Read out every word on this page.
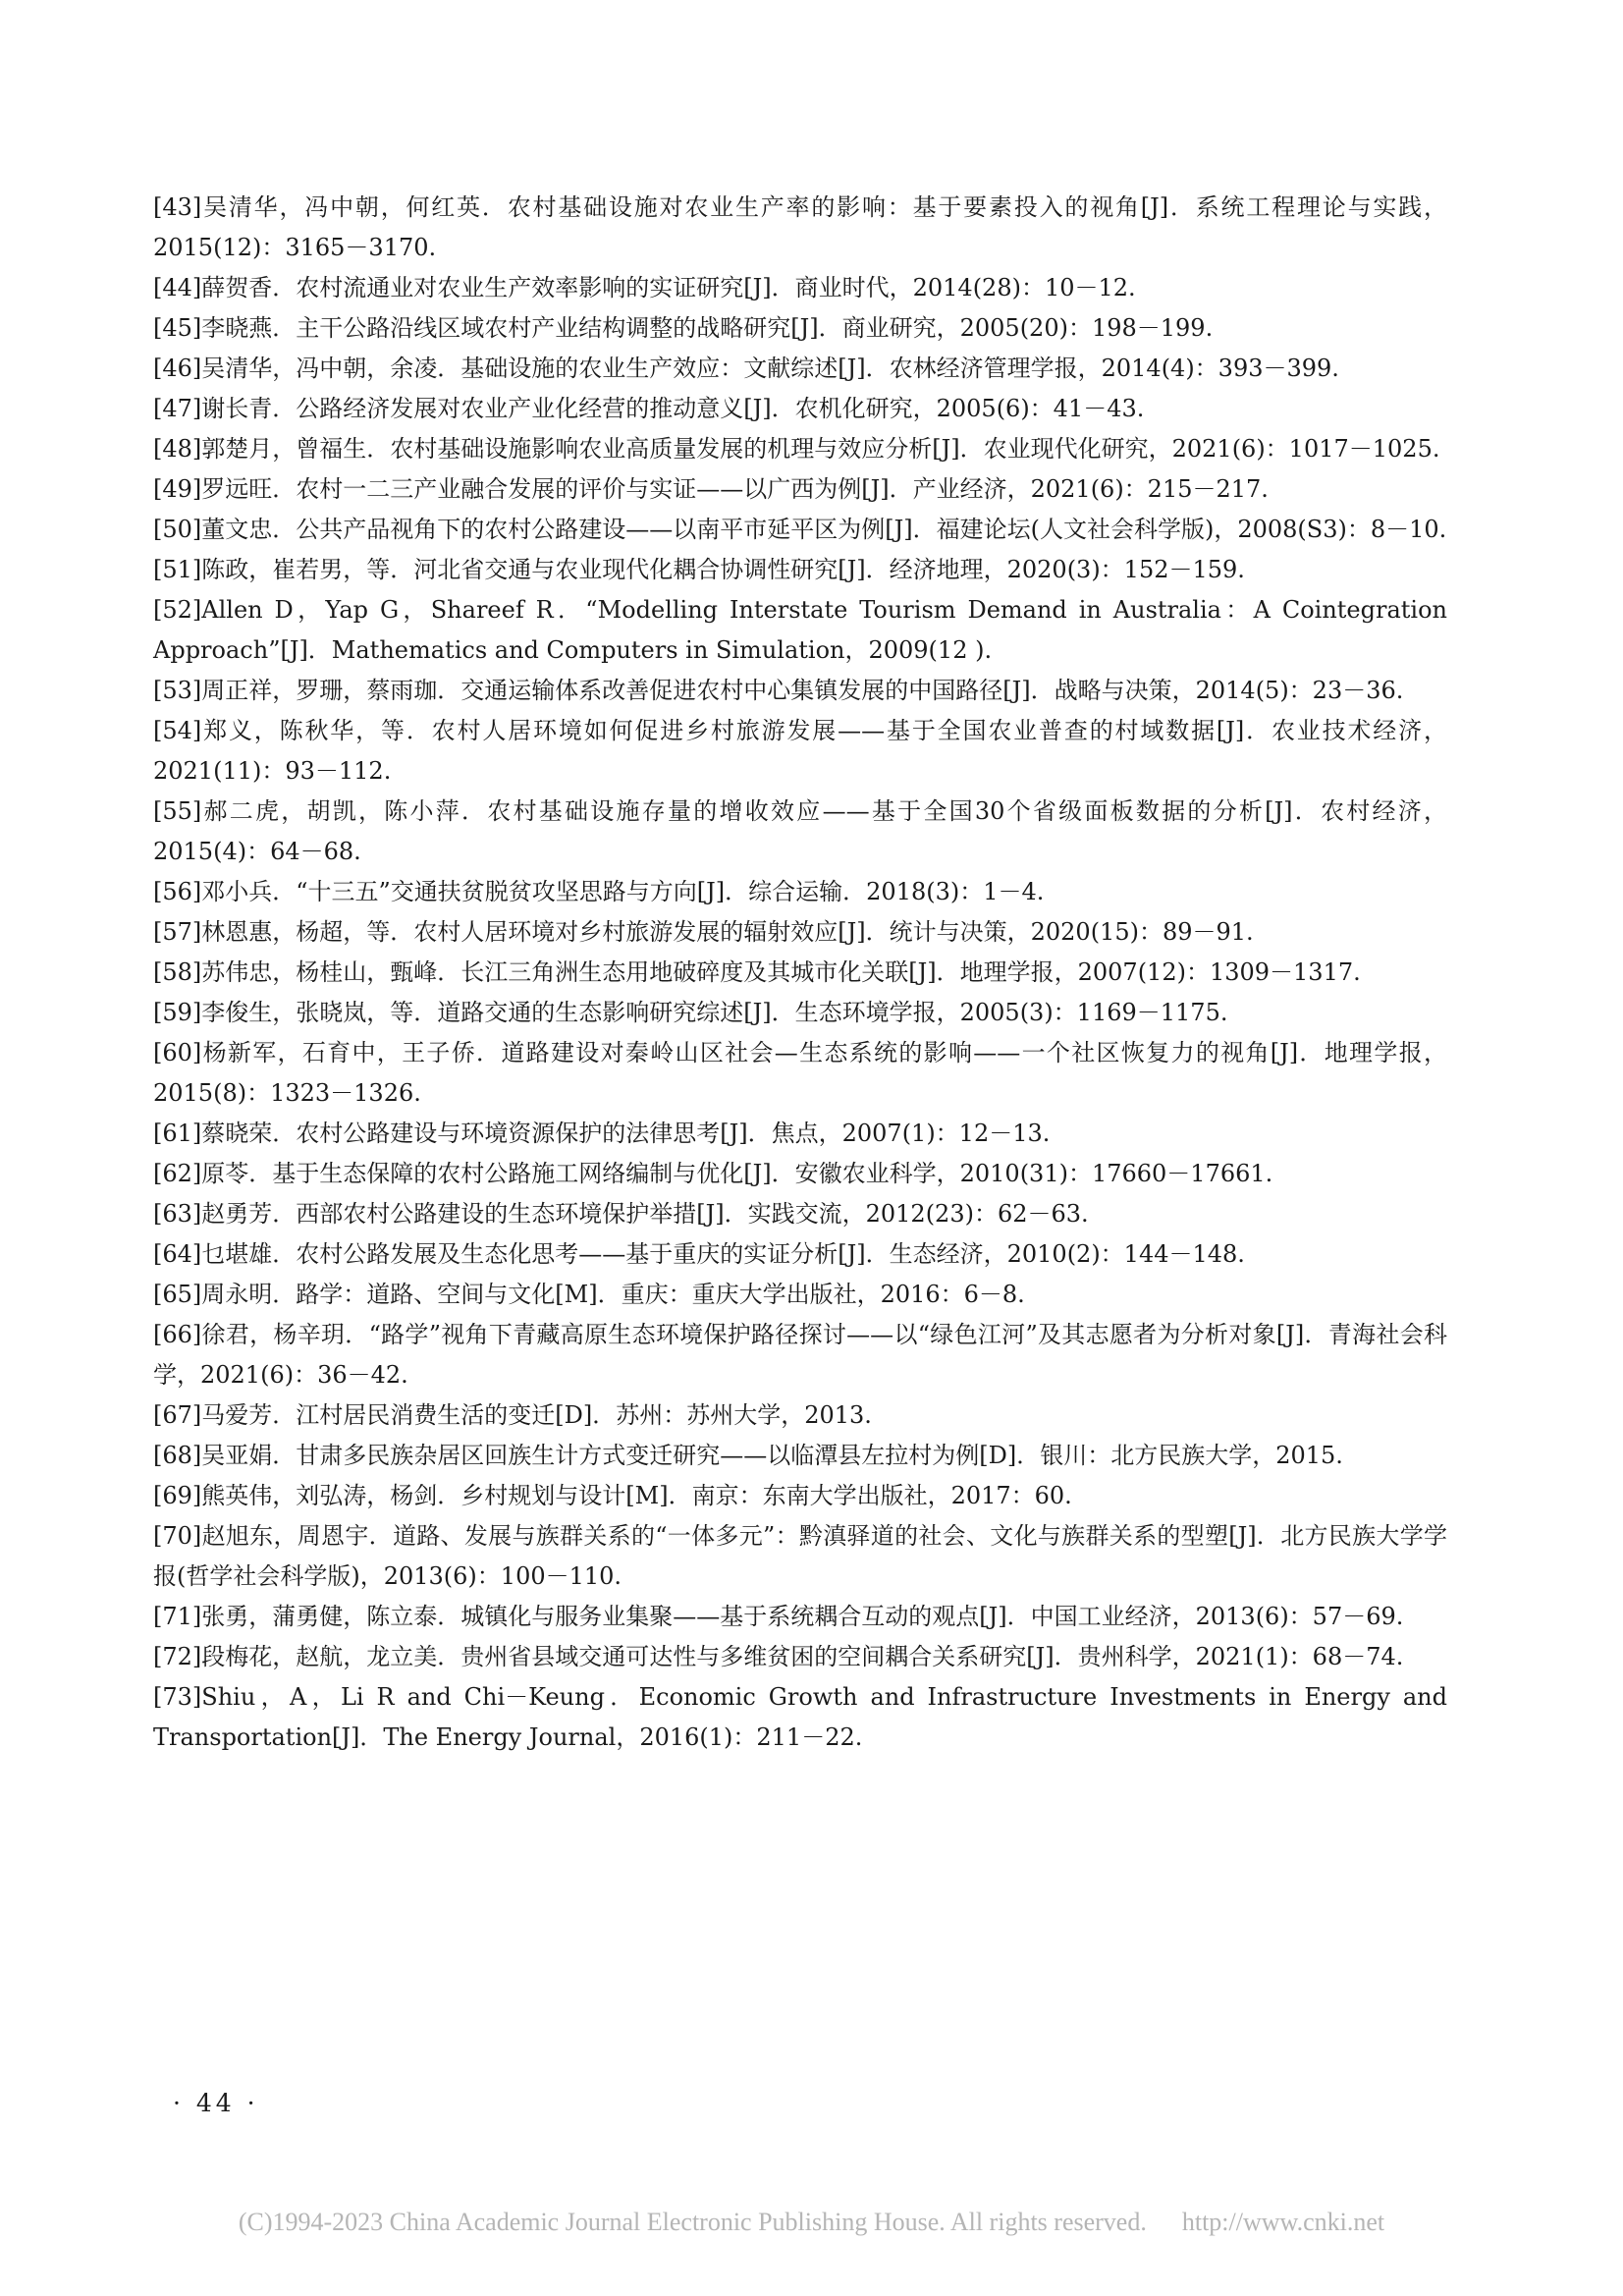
[43]吴清华，冯中朝，何红英．农村基础设施对农业生产率的影响：基于要素投入的视角[J]．系统工程理论与实践，2015(12)：3165－3170.
[44]薛贺香．农村流通业对农业生产效率影响的实证研究[J]．商业时代，2014(28)：10－12.
[45]李晓燕．主干公路沿线区域农村产业结构调整的战略研究[J]．商业研究，2005(20)：198－199.
[46]吴清华，冯中朝，余凌．基础设施的农业生产效应：文献综述[J]．农林经济管理学报，2014(4)：393－399.
[47]谢长青．公路经济发展对农业产业化经营的推动意义[J]．农机化研究，2005(6)：41－43.
[48]郭楚月，曾福生．农村基础设施影响农业高质量发展的机理与效应分析[J]．农业现代化研究，2021(6)：1017－1025.
[49]罗远旺．农村一二三产业融合发展的评价与实证——以广西为例[J]．产业经济，2021(6)：215－217.
[50]董文忠．公共产品视角下的农村公路建设——以南平市延平区为例[J]．福建论坛(人文社会科学版)，2008(S3)：8－10.
[51]陈政，崔若男，等．河北省交通与农业现代化耦合协调性研究[J]．经济地理，2020(3)：152－159.
[52]Allen D，Yap G，Shareef R．“Modelling Interstate Tourism Demand in Australia：A Cointegration Approach”[J]．Mathematics and Computers in Simulation，2009(12 ).
[53]周正祥，罗珊，蔡雨珈．交通运输体系改善促进农村中心集镇发展的中国路径[J]．战略与决策，2014(5)：23－36.
[54]郑义，陈秋华，等．农村人居环境如何促进乡村旅游发展——基于全国农业普查的村域数据[J]．农业技术经济，2021(11)：93－112.
[55]郝二虎，胡凯，陈小萍．农村基础设施存量的增收效应——基于全国30个省级面板数据的分析[J]．农村经济，2015(4)：64－68.
[56]邓小兵．“十三五”交通扶贫脱贫攻坚思路与方向[J]．综合运输．2018(3)：1－4.
[57]林恩惠，杨超，等．农村人居环境对乡村旅游发展的辐射效应[J]．统计与决策，2020(15)：89－91.
[58]苏伟忠，杨桂山，甄峰．长江三角洲生态用地破碎度及其城市化关联[J]．地理学报，2007(12)：1309－1317.
[59]李俊生，张晓岚，等．道路交通的生态影响研究综述[J]．生态环境学报，2005(3)：1169－1175.
[60]杨新军，石育中，王子侨．道路建设对秦岭山区社会—生态系统的影响——一个社区恢复力的视角[J]．地理学报，2015(8)：1323－1326.
[61]蔡晓荣．农村公路建设与环境资源保护的法律思考[J]．焦点，2007(1)：12－13.
[62]原苓．基于生态保障的农村公路施工网络编制与优化[J]．安徽农业科学，2010(31)：17660－17661.
[63]赵勇芳．西部农村公路建设的生态环境保护举措[J]．实践交流，2012(23)：62－63.
[64]乜堪雄．农村公路发展及生态化思考——基于重庆的实证分析[J]．生态经济，2010(2)：144－148.
[65]周永明．路学：道路、空间与文化[M]．重庆：重庆大学出版社，2016：6－8.
[66]徐君，杨辛玥．“路学”视角下青藏高原生态环境保护路径探讨——以“绿色江河”及其志愿者为分析对象[J]．青海社会科学，2021(6)：36－42.
[67]马爱芳．江村居民消费生活的变迁[D]．苏州：苏州大学，2013.
[68]吴亚娟．甘肃多民族杂居区回族生计方式变迁研究——以临潭县左拉村为例[D]．银川：北方民族大学，2015.
[69]熊英伟，刘弘涛，杨剑．乡村规划与设计[M]．南京：东南大学出版社，2017：60.
[70]赵旭东，周恩宇．道路、发展与族群关系的“一体多元”：黔滇驿道的社会、文化与族群关系的型塑[J]．北方民族大学学报(哲学社会科学版)，2013(6)：100－110.
[71]张勇，蒲勇健，陈立泰．城镇化与服务业集聚——基于系统耦合互动的观点[J]．中国工业经济，2013(6)：57－69.
[72]段梅花，赵航，龙立美．贵州省县域交通可达性与多维贫困的空间耦合关系研究[J]．贵州科学，2021(1)：68－74.
[73]Shiu，A，Li R and Chi－Keung．Economic Growth and Infrastructure Investments in Energy and Transportation[J]．The Energy Journal，2016(1)：211－22.
· 44 ·
(C)1994-2023 China Academic Journal Electronic Publishing House. All rights reserved. http://www.cnki.net
